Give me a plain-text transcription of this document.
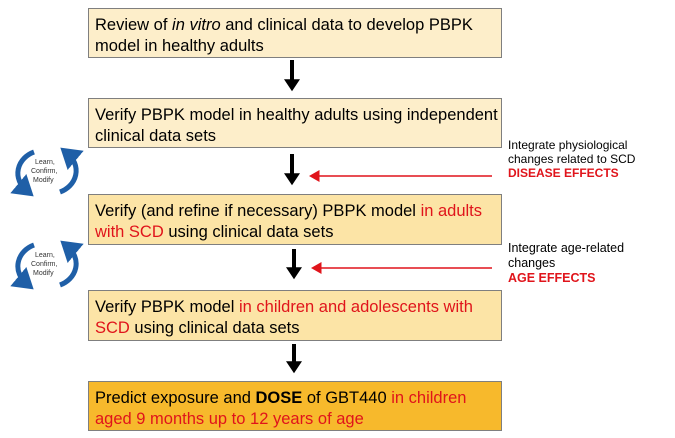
Learn,
Confirm,
Modify
Learn,
Confirm,
Modify
Review of in vitro and clinical data to develop PBPK model in healthy adults
Verify PBPK model in healthy adults using independent clinical data sets
Verify (and refine if necessary) PBPK model in adults with SCD using clinical data sets
Verify PBPK model in children and adolescents with SCD using clinical data sets
Predict exposure and DOSE of GBT440 in children aged 9 months up to 12 years of age
Integrate physiological
changes related to SCD
DISEASE EFFECTS
Integrate age-related
changes
AGE EFFECTS
